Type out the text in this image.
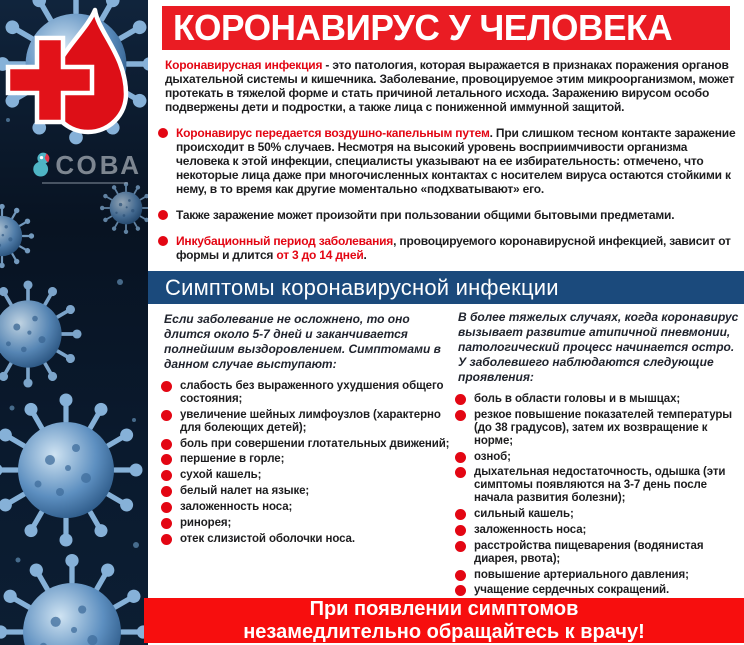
СОВА
КОРОНАВИРУС У ЧЕЛОВЕКА

Коронавирусная инфекция - это патология, которая выражается в признаках поражения органов дыхательной системы и кишечника. Заболевание, провоцируемое этим микроорганизмом, может протекать в тяжелой форме и стать причиной летального исхода. Заражению вирусом особо подвержены дети и подростки, а также лица с пониженной иммунной защитой.

Коронавирус передается воздушно-капельным путем. При слишком тесном контакте заражение происходит в 50% случаев. Несмотря на высокий уровень восприимчивости организма человека к этой инфекции, специалисты указывают на ее избирательность: отмечено, что некоторые лица даже при многочисленных контактах с носителем вируса остаются стойкими к нему, в то время как другие моментально «подхватывают» его.

Также заражение может произойти при пользовании общими бытовыми предметами.

Инкубационный период заболевания, провоцируемого коронавирусной инфекцией, зависит от формы и длится от 3 до 14 дней.

Симптомы коронавирусной инфекции

Если заболевание не осложнено, то оно длится около 5-7 дней и заканчивается полнейшим выздоровлением. Симптомами в данном случае выступают:

слабость без выраженного ухудшения общего состояния;
увеличение шейных лимфоузлов (характерно для болеющих детей);
боль при совершении глотательных движений;
першение в горле;
сухой кашель;
белый налет на языке;
заложенность носа;
ринорея;
отек слизистой оболочки носа.

В более тяжелых случаях, когда коронавирус вызывает развитие атипичной пневмонии, патологический процесс начинается остро. У заболевшего наблюдаются следующие проявления:

боль в области головы и в мышцах;
резкое повышение показателей температуры (до 38 градусов), затем их возвращение к норме;
озноб;
дыхательная недостаточность, одышка (эти симптомы появляются на 3-7 день после начала развития болезни);
сильный кашель;
заложенность носа;
расстройства пищеварения (водянистая диарея, рвота);
повышение артериального давления;
учащение сердечных сокращений.
При появлении симптомов
незамедлительно обращайтесь к врачу!
